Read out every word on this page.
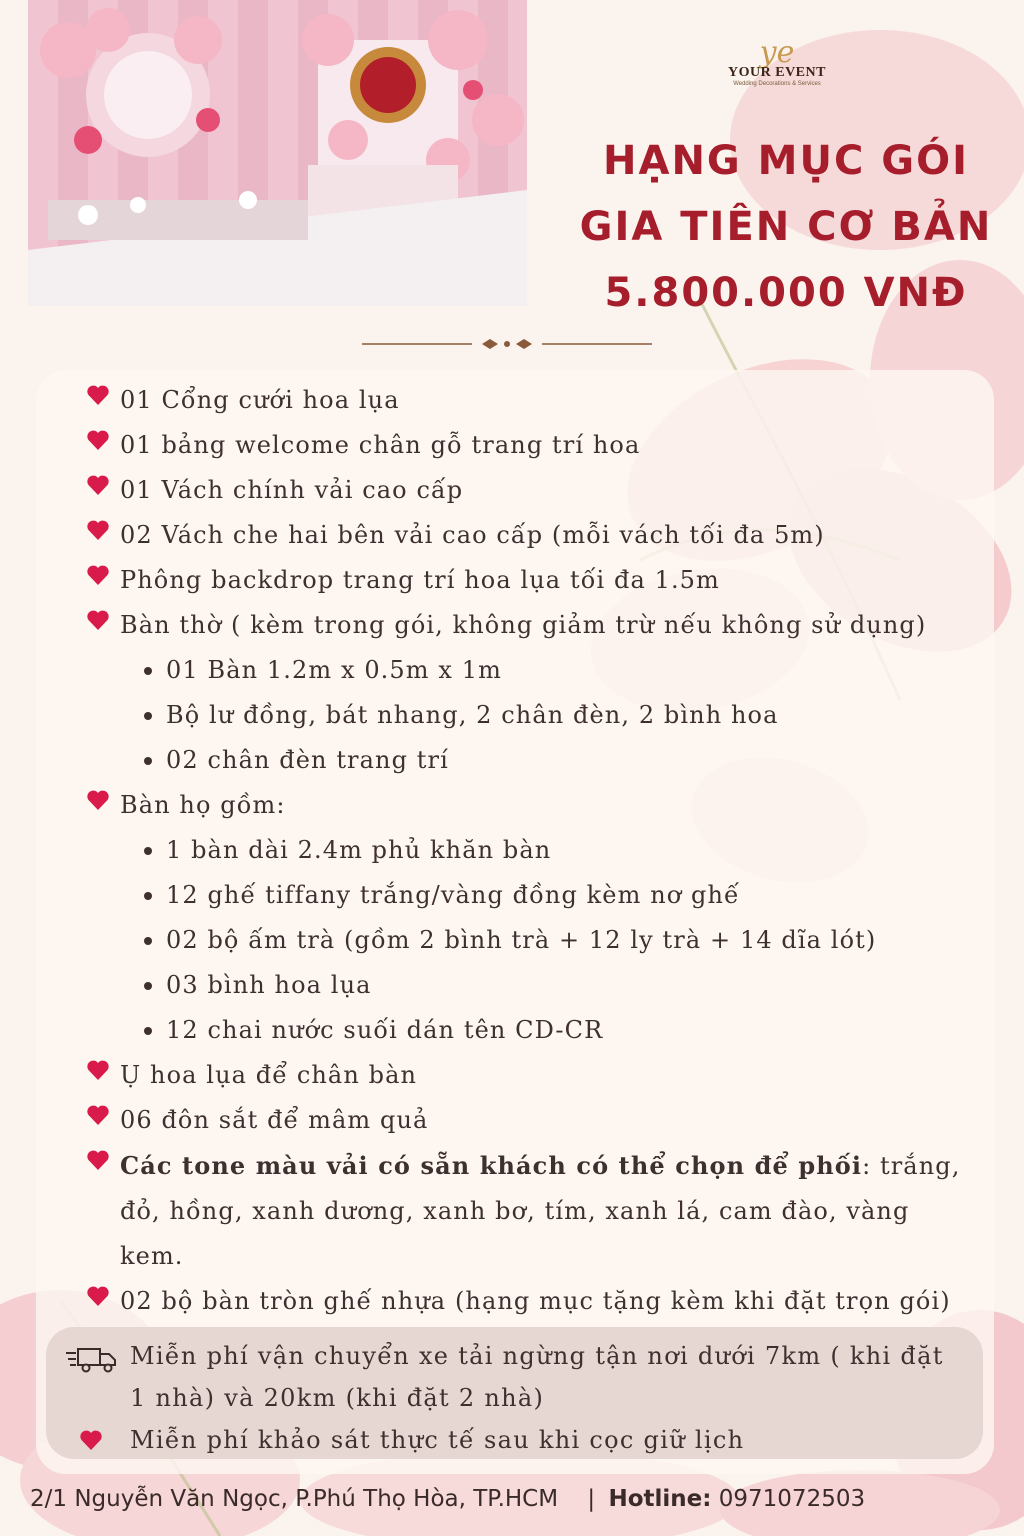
ye
YOUR EVENT
Wedding Decorations & Services
HẠNG MỤC GÓI
GIA TIÊN CƠ BẢN
5.800.000 VNĐ
01 Cổng cưới hoa lụa
01 bảng welcome chân gỗ trang trí hoa
01 Vách chính vải cao cấp
02 Vách che hai bên vải cao cấp (mỗi vách tối đa 5m)
Phông backdrop trang trí hoa lụa tối đa 1.5m
Bàn thờ ( kèm trong gói, không giảm trừ nếu không sử dụng)
01 Bàn 1.2m x 0.5m x 1m
Bộ lư đồng, bát nhang, 2 chân đèn, 2 bình hoa
02 chân đèn trang trí
Bàn họ gồm:
1 bàn dài 2.4m phủ khăn bàn
12 ghế tiffany trắng/vàng đồng kèm nơ ghế
02 bộ ấm trà (gồm 2 bình trà + 12 ly trà + 14 dĩa lót)
03 bình hoa lụa
12 chai nước suối dán tên CD-CR
Ụ hoa lụa để chân bàn
06 đôn sắt để mâm quả
Các tone màu vải có sẵn khách có thể chọn để phối: trắng, đỏ, hồng, xanh dương, xanh bơ, tím, xanh lá, cam đào, vàng kem.
02 bộ bàn tròn ghế nhựa (hạng mục tặng kèm khi đặt trọn gói)
Miễn phí vận chuyển xe tải ngừng tận nơi dưới 7km ( khi đặt 1 nhà) và 20km (khi đặt 2 nhà)
Miễn phí khảo sát thực tế sau khi cọc giữ lịch
2/1 Nguyễn Văn Ngọc, P.Phú Thọ Hòa, TP.HCM | Hotline: 0971072503
